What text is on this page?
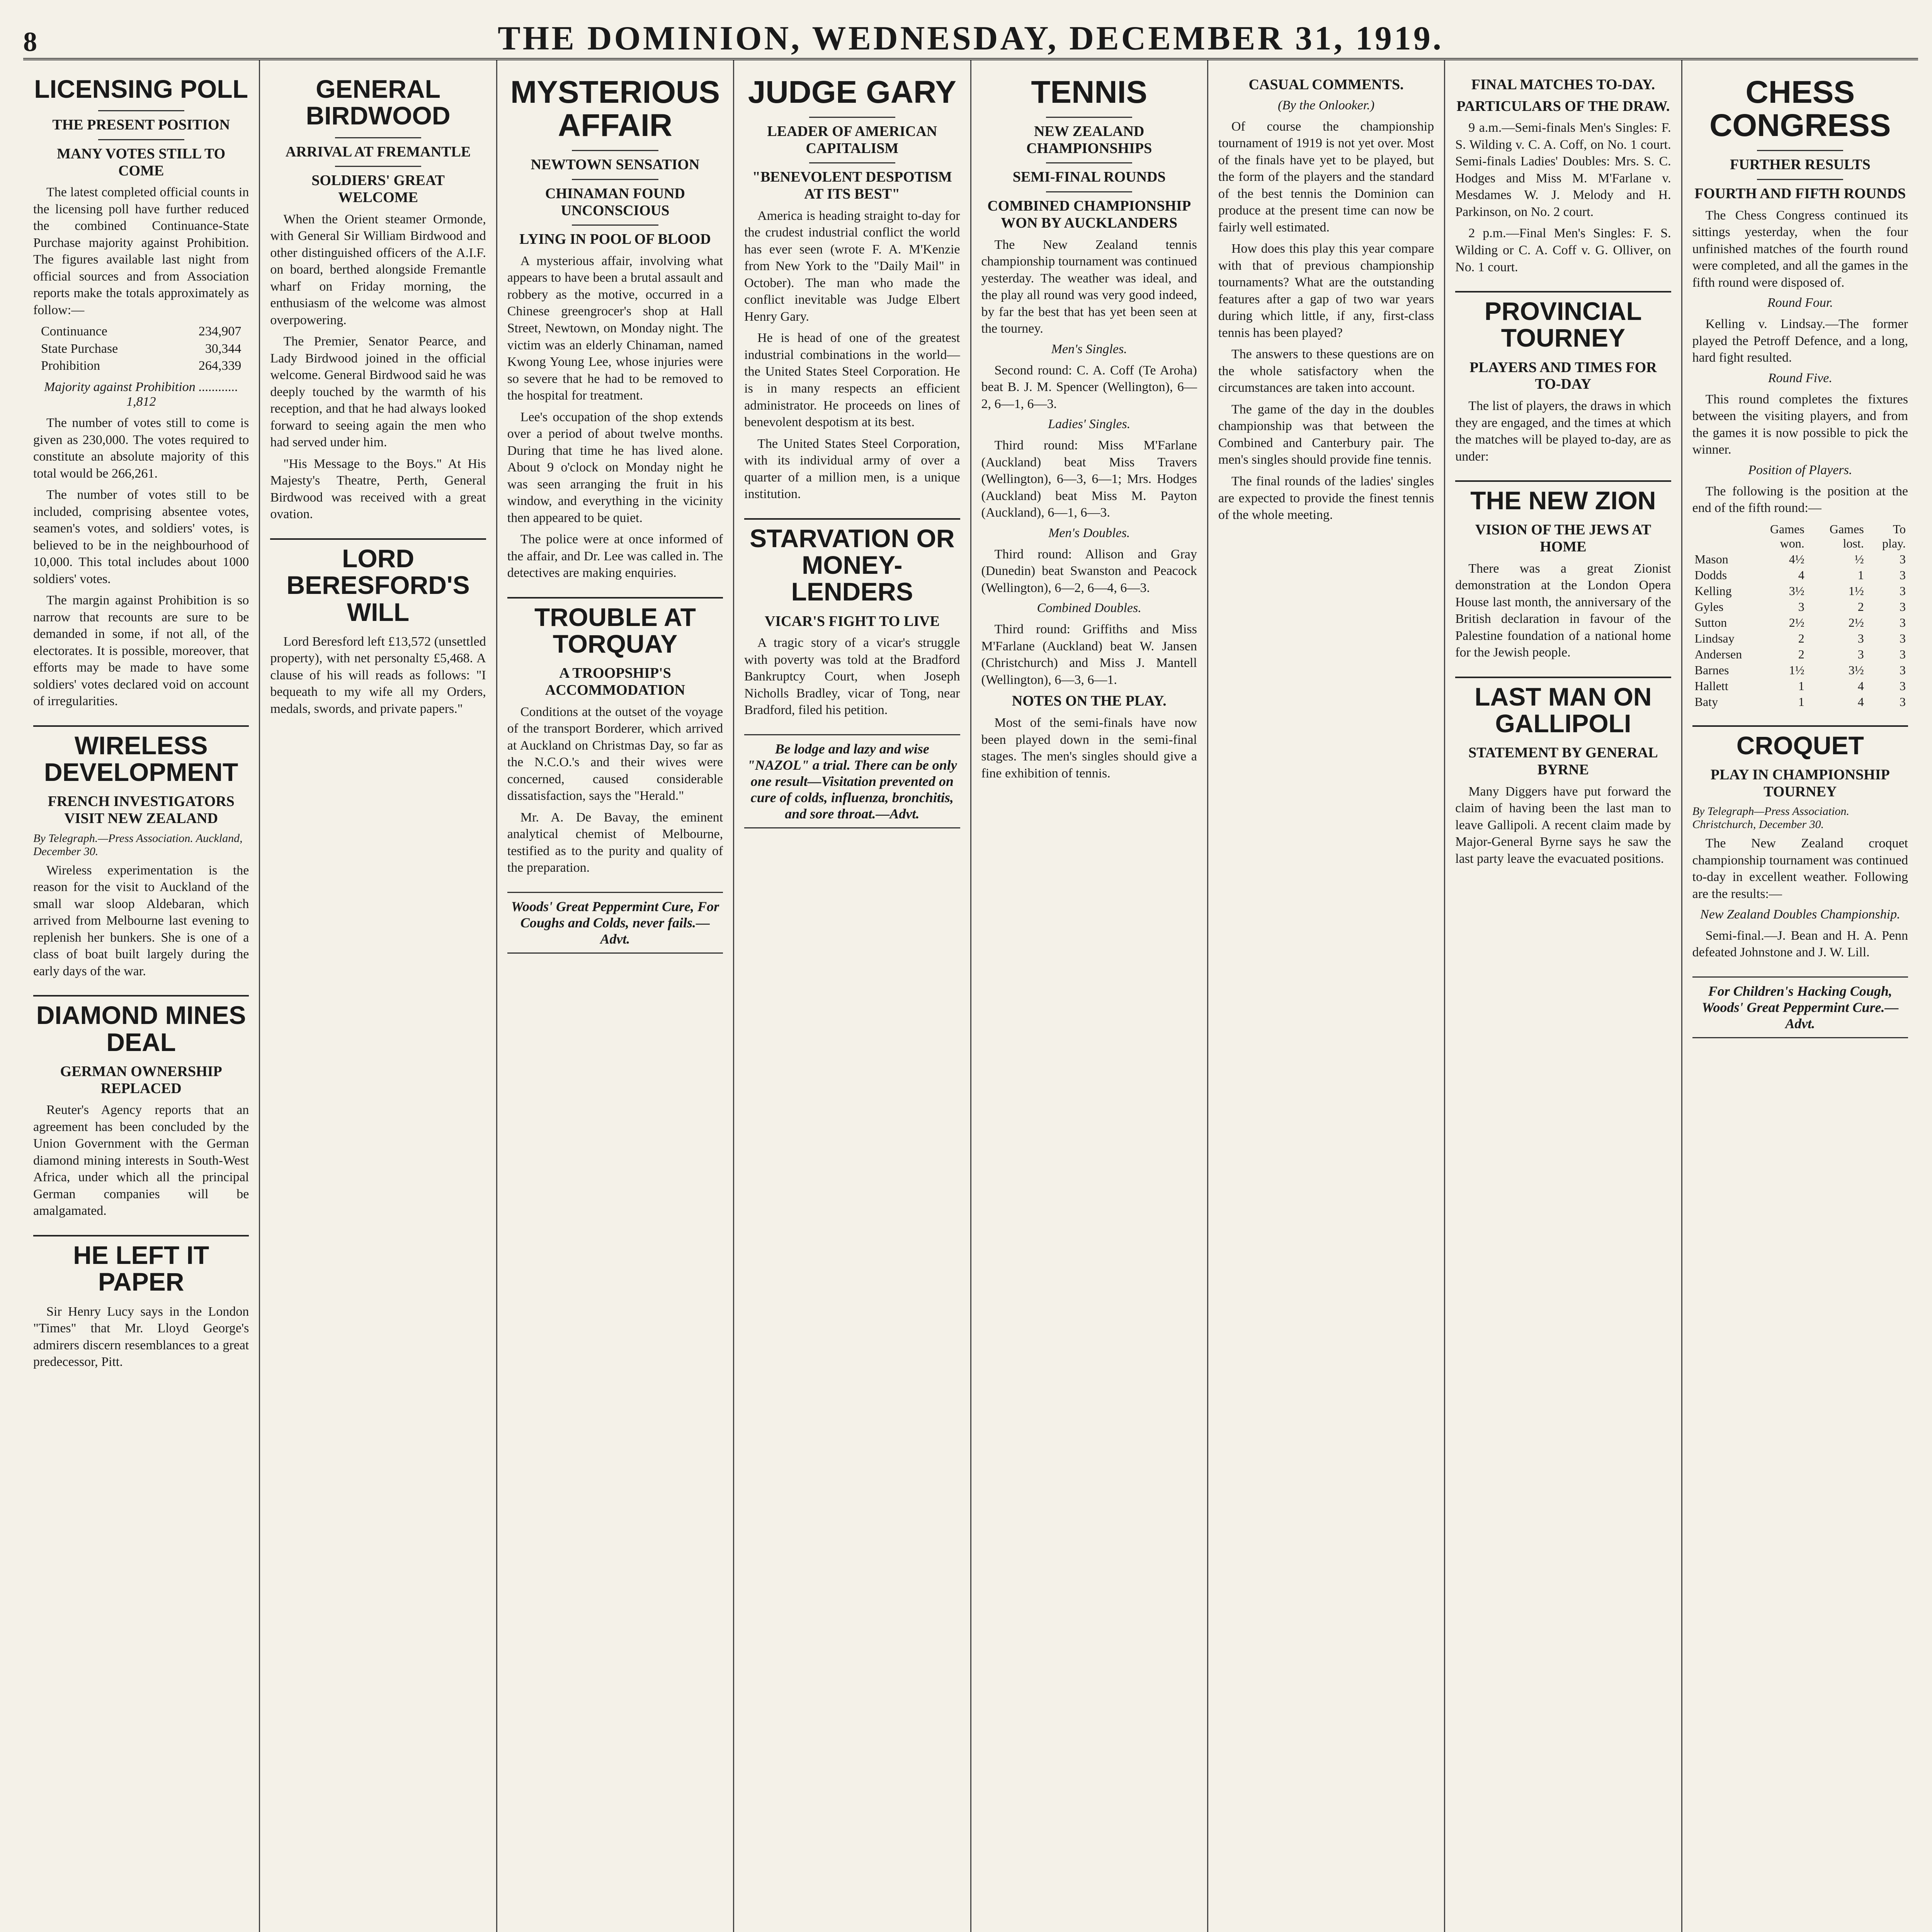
8	THE DOMINION, WEDNESDAY, DECEMBER 31, 1919.
LICENSING POLL
THE PRESENT POSITION
MANY VOTES STILL TO COME

The latest completed official counts in the licensing poll have further reduced the combined Continuance-State Purchase majority against Prohibition. The figures available last night from official sources and from Association reports make the totals approximately as follow:—

Continuance	234,907
State Purchase	30,344
Prohibition	264,339
Majority against Prohibition ............ 1,812

The number of votes still to come is given as 230,000. The votes required to constitute an absolute majority of this total would be 266,261.

The number of votes still to be included, comprising absentee votes, seamen's votes, and soldiers' votes, is believed to be in the neighbourhood of 10,000. This total includes about 1000 soldiers' votes.

The margin against Prohibition is so narrow that recounts are sure to be demanded in some, if not all, of the electorates. It is possible, moreover, that efforts may be made to have some soldiers' votes declared void on account of irregularities.

WIRELESS DEVELOPMENT
FRENCH INVESTIGATORS VISIT NEW ZEALAND
By Telegraph.—Press Association. Auckland, December 30.

Wireless experimentation is the reason for the visit to Auckland of the small war sloop Aldebaran, which arrived from Melbourne last evening to replenish her bunkers. She is one of a class of boat built largely during the early days of the war.

DIAMOND MINES DEAL
GERMAN OWNERSHIP REPLACED

Reuter's Agency reports that an agreement has been concluded by the Union Government with the German diamond mining interests in South-West Africa, under which all the principal German companies will be amalgamated.

HE LEFT IT PAPER

Sir Henry Lucy says in the London "Times" that Mr. Lloyd George's admirers discern resemblances to a great predecessor, Pitt.

GENERAL BIRDWOOD
ARRIVAL AT FREMANTLE
SOLDIERS' GREAT WELCOME

When the Orient steamer Ormonde, with General Sir William Birdwood and other distinguished officers of the A.I.F. on board, berthed alongside Fremantle wharf on Friday morning, the enthusiasm of the welcome was almost overpowering.

The Premier, Senator Pearce, and Lady Birdwood joined in the official welcome. General Birdwood said he was deeply touched by the warmth of his reception, and that he had always looked forward to seeing again the men who had served under him.

"His Message to the Boys." At His Majesty's Theatre, Perth, General Birdwood was received with a great ovation.

LORD BERESFORD'S WILL

Lord Beresford left £13,572 (unsettled property), with net personalty £5,468. A clause of his will reads as follows: "I bequeath to my wife all my Orders, medals, swords, and private papers."

MYSTERIOUS AFFAIR
NEWTOWN SENSATION
CHINAMAN FOUND UNCONSCIOUS
LYING IN POOL OF BLOOD

A mysterious affair, involving what appears to have been a brutal assault and robbery as the motive, occurred in a Chinese greengrocer's shop at Hall Street, Newtown, on Monday night. The victim was an elderly Chinaman, named Kwong Young Lee, whose injuries were so severe that he had to be removed to the hospital for treatment.

Lee's occupation of the shop extends over a period of about twelve months. During that time he has lived alone. About 9 o'clock on Monday night he was seen arranging the fruit in his window, and everything in the vicinity then appeared to be quiet.

The police were at once informed of the affair, and Dr. Lee was called in. The detectives are making enquiries.

TROUBLE AT TORQUAY
A TROOPSHIP'S ACCOMMODATION

Conditions at the outset of the voyage of the transport Borderer, which arrived at Auckland on Christmas Day, so far as the N.C.O.'s and their wives were concerned, caused considerable dissatisfaction, says the "Herald."

Mr. A. De Bavay, the eminent analytical chemist of Melbourne, testified as to the purity and quality of the preparation.

Woods' Great Peppermint Cure, For Coughs and Colds, never fails.—Advt.
JUDGE GARY
LEADER OF AMERICAN CAPITALISM
"BENEVOLENT DESPOTISM AT ITS BEST"

America is heading straight to-day for the crudest industrial conflict the world has ever seen (wrote F. A. M'Kenzie from New York to the "Daily Mail" in October). The man who made the conflict inevitable was Judge Elbert Henry Gary.

He is head of one of the greatest industrial combinations in the world—the United States Steel Corporation. He is in many respects an efficient administrator. He proceeds on lines of benevolent despotism at its best.

The United States Steel Corporation, with its individual army of over a quarter of a million men, is a unique institution.

STARVATION OR MONEY-LENDERS
VICAR'S FIGHT TO LIVE

A tragic story of a vicar's struggle with poverty was told at the Bradford Bankruptcy Court, when Joseph Nicholls Bradley, vicar of Tong, near Bradford, filed his petition.

Be lodge and lazy and wise "NAZOL" a trial. There can be only one result—Visitation prevented on cure of colds, influenza, bronchitis, and sore throat.—Advt.
TENNIS
NEW ZEALAND CHAMPIONSHIPS
SEMI-FINAL ROUNDS
COMBINED CHAMPIONSHIP WON BY AUCKLANDERS

The New Zealand tennis championship tournament was continued yesterday. The weather was ideal, and the play all round was very good indeed, by far the best that has yet been seen at the tourney.

Men's Singles.

Second round: C. A. Coff (Te Aroha) beat B. J. M. Spencer (Wellington), 6—2, 6—1, 6—3.

Ladies' Singles.

Third round: Miss M'Farlane (Auckland) beat Miss Travers (Wellington), 6—3, 6—1; Mrs. Hodges (Auckland) beat Miss M. Payton (Auckland), 6—1, 6—3.

Men's Doubles.

Third round: Allison and Gray (Dunedin) beat Swanston and Peacock (Wellington), 6—2, 6—4, 6—3.

Combined Doubles.

Third round: Griffiths and Miss M'Farlane (Auckland) beat W. Jansen (Christchurch) and Miss J. Mantell (Wellington), 6—3, 6—1.

NOTES ON THE PLAY.

Most of the semi-finals have now been played down in the semi-final stages. The men's singles should give a fine exhibition of tennis.

CASUAL COMMENTS.
(By the Onlooker.)

Of course the championship tournament of 1919 is not yet over. Most of the finals have yet to be played, but the form of the players and the standard of the best tennis the Dominion can produce at the present time can now be fairly well estimated.

How does this play this year compare with that of previous championship tournaments? What are the outstanding features after a gap of two war years during which little, if any, first-class tennis has been played?

The answers to these questions are on the whole satisfactory when the circumstances are taken into account.

The game of the day in the doubles championship was that between the Combined and Canterbury pair. The men's singles should provide fine tennis.

The final rounds of the ladies' singles are expected to provide the finest tennis of the whole meeting.

FINAL MATCHES TO-DAY.
PARTICULARS OF THE DRAW.

9 a.m.—Semi-finals Men's Singles: F. S. Wilding v. C. A. Coff, on No. 1 court. Semi-finals Ladies' Doubles: Mrs. S. C. Hodges and Miss M. M'Farlane v. Mesdames W. J. Melody and H. Parkinson, on No. 2 court.

2 p.m.—Final Men's Singles: F. S. Wilding or C. A. Coff v. G. Olliver, on No. 1 court.

PROVINCIAL TOURNEY
PLAYERS AND TIMES FOR TO-DAY

The list of players, the draws in which they are engaged, and the times at which the matches will be played to-day, are as under:

THE NEW ZION
VISION OF THE JEWS AT HOME

There was a great Zionist demonstration at the London Opera House last month, the anniversary of the British declaration in favour of the Palestine foundation of a national home for the Jewish people.

LAST MAN ON GALLIPOLI
STATEMENT BY GENERAL BYRNE

Many Diggers have put forward the claim of having been the last man to leave Gallipoli. A recent claim made by Major-General Byrne says he saw the last party leave the evacuated positions.

CHESS CONGRESS
FURTHER RESULTS
FOURTH AND FIFTH ROUNDS

The Chess Congress continued its sittings yesterday, when the four unfinished matches of the fourth round were completed, and all the games in the fifth round were disposed of.

Round Four.

Kelling v. Lindsay.—The former played the Petroff Defence, and a long, hard fight resulted.

Round Five.

This round completes the fixtures between the visiting players, and from the games it is now possible to pick the winner.

Position of Players.

The following is the position at the end of the fifth round:—

	Games won.	Games lost.	To play.
Mason	4½	½	3
Dodds	4	1	3
Kelling	3½	1½	3
Gyles	3	2	3
Sutton	2½	2½	3
Lindsay	2	3	3
Andersen	2	3	3
Barnes	1½	3½	3
Hallett	1	4	3
Baty	1	4	3
CROQUET
PLAY IN CHAMPIONSHIP TOURNEY
By Telegraph—Press Association. Christchurch, December 30.

The New Zealand croquet championship tournament was continued to-day in excellent weather. Following are the results:—

New Zealand Doubles Championship.

Semi-final.—J. Bean and H. A. Penn defeated Johnstone and J. W. Lill.

For Children's Hacking Cough, Woods' Great Peppermint Cure.—Advt.
